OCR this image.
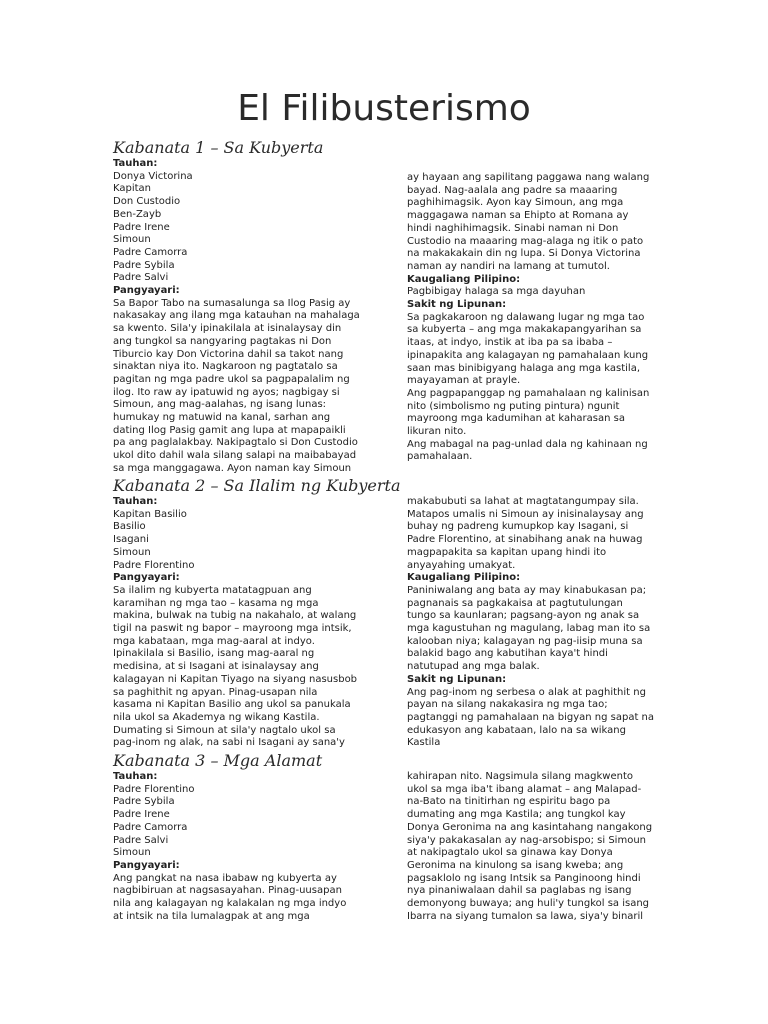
El Filibusterismo
Kabanata 1 – Sa Kubyerta
Tauhan:
Donya Victorina
Kapitan
Don Custodio
Ben-Zayb
Padre Irene
Simoun
Padre Camorra
Padre Sybila
Padre Salvi
Pangyayari:
Sa Bapor Tabo na sumasalunga sa Ilog Pasig ay
nakasakay ang ilang mga katauhan na mahalaga
sa kwento. Sila'y ipinakilala at isinalaysay din
ang tungkol sa nangyaring pagtakas ni Don
Tiburcio kay Don Victorina dahil sa takot nang
sinaktan niya ito. Nagkaroon ng pagtatalo sa
pagitan ng mga padre ukol sa pagpapalalim ng
ilog. Ito raw ay ipatuwid ng ayos; nagbigay si
Simoun, ang mag-aalahas, ng isang lunas:
humukay ng matuwid na kanal, sarhan ang
dating Ilog Pasig gamit ang lupa at mapapaikli
pa ang paglalakbay. Nakipagtalo si Don Custodio
ukol dito dahil wala silang salapi na maibabayad
sa mga manggagawa. Ayon naman kay Simoun
ay hayaan ang sapilitang paggawa nang walang
bayad. Nag-aalala ang padre sa maaaring
paghihimagsik. Ayon kay Simoun, ang mga
maggagawa naman sa Ehipto at Romana ay
hindi naghihimagsik. Sinabi naman ni Don
Custodio na maaaring mag-alaga ng itik o pato
na makakakain din ng lupa. Si Donya Victorina
naman ay nandiri na lamang at tumutol.
Kaugaliang Pilipino:
Pagbibigay halaga sa mga dayuhan
Sakit ng Lipunan:
Sa pagkakaroon ng dalawang lugar ng mga tao
sa kubyerta – ang mga makakapangyarihan sa
itaas, at indyo, instik at iba pa sa ibaba –
ipinapakita ang kalagayan ng pamahalaan kung
saan mas binibigyang halaga ang mga kastila,
mayayaman at prayle.
Ang pagpapanggap ng pamahalaan ng kalinisan
nito (simbolismo ng puting pintura) ngunit
mayroong mga kadumihan at kaharasan sa
likuran nito.
Ang mabagal na pag-unlad dala ng kahinaan ng
pamahalaan.
Kabanata 2 – Sa Ilalim ng Kubyerta
Tauhan:
Kapitan Basilio
Basilio
Isagani
Simoun
Padre Florentino
Pangyayari:
Sa ilalim ng kubyerta matatagpuan ang
karamihan ng mga tao – kasama ng mga
makina, bulwak na tubig na nakahalo, at walang
tigil na paswit ng bapor – mayroong mga intsik,
mga kabataan, mga mag-aaral at indyo.
Ipinakilala si Basilio, isang mag-aaral ng
medisina, at si Isagani at isinalaysay ang
kalagayan ni Kapitan Tiyago na siyang nasusbob
sa paghithit ng apyan. Pinag-usapan nila
kasama ni Kapitan Basilio ang ukol sa panukala
nila ukol sa Akademya ng wikang Kastila.
Dumating si Simoun at sila'y nagtalo ukol sa
pag-inom ng alak, na sabi ni Isagani ay sana'y
makabubuti sa lahat at magtatangumpay sila.
Matapos umalis ni Simoun ay inisinalaysay ang
buhay ng padreng kumupkop kay Isagani, si
Padre Florentino, at sinabihang anak na huwag
magpapakita sa kapitan upang hindi ito
anyayahing umakyat.
Kaugaliang Pilipino:
Paniniwalang ang bata ay may kinabukasan pa;
pagnanais sa pagkakaisa at pagtutulungan
tungo sa kaunlaran; pagsang-ayon ng anak sa
mga kagustuhan ng magulang, labag man ito sa
kalooban niya; kalagayan ng pag-iisip muna sa
balakid bago ang kabutihan kaya't hindi
natutupad ang mga balak.
Sakit ng Lipunan:
Ang pag-inom ng serbesa o alak at paghithit ng
payan na silang nakakasira ng mga tao;
pagtanggi ng pamahalaan na bigyan ng sapat na
edukasyon ang kabataan, lalo na sa wikang
Kastila
Kabanata 3 – Mga Alamat
Tauhan:
Padre Florentino
Padre Sybila
Padre Irene
Padre Camorra
Padre Salvi
Simoun
Pangyayari:
Ang pangkat na nasa ibabaw ng kubyerta ay
nagbibiruan at nagsasayahan. Pinag-uusapan
nila ang kalagayan ng kalakalan ng mga indyo
at intsik na tila lumalagpak at ang mga
kahirapan nito. Nagsimula silang magkwento
ukol sa mga iba't ibang alamat – ang Malapad-
na-Bato na tinitirhan ng espiritu bago pa
dumating ang mga Kastila; ang tungkol kay
Donya Geronima na ang kasintahang nangakong
siya'y pakakasalan ay nag-arsobispo; si Simoun
at nakipagtalo ukol sa ginawa kay Donya
Geronima na kinulong sa isang kweba; ang
pagsaklolo ng isang Intsik sa Panginoong hindi
nya pinaniwalaan dahil sa paglabas ng isang
demonyong buwaya; ang huli'y tungkol sa isang
Ibarra na siyang tumalon sa lawa, siya'y binaril
